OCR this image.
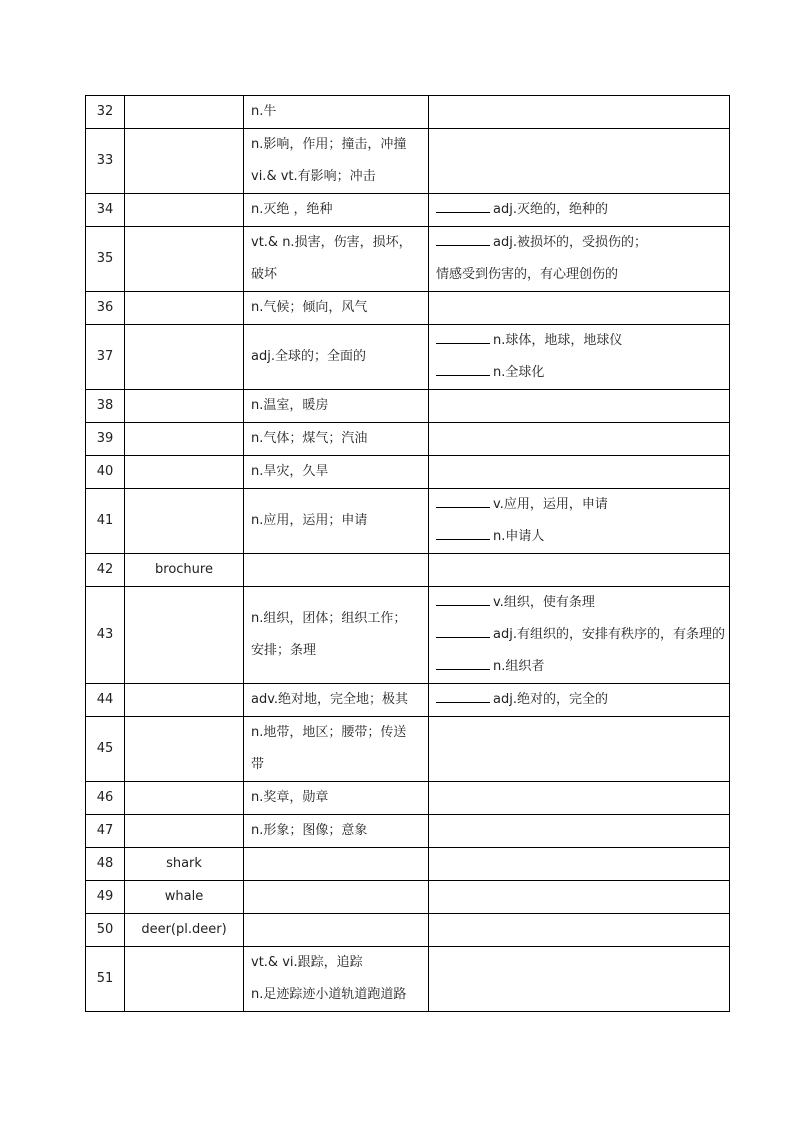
32		n.牛	

33		n.影响，作用；撞击，冲撞
vi.& vt.有影响；冲击	

34		n.灭绝 ，绝种	adj.灭绝的，绝种的

35		vt.& n.损害，伤害，损坏，
破坏	adj.被损坏的，受损伤的；
情感受到伤害的，有心理创伤的

36		n.气候；倾向，风气	

37		adj.全球的；全面的	n.球体，地球，地球仪
n.全球化

38		n.温室，暖房	

39		n.气体；煤气；汽油	

40		n.旱灾，久旱	

41		n.应用，运用；申请	v.应用，运用，申请
n.申请人

42	brochure		
43		n.组织，团体；组织工作；
安排；条理	v.组织，使有条理
adj.有组织的，安排有秩序的，有条理的
n.组织者

44		adv.绝对地，完全地；极其	adj.绝对的，完全的

45		n.地带，地区；腰带；传送
带	

46		n.奖章，勋章	

47		n.形象；图像；意象	

48	shark		
49	whale		
50	deer(pl.deer)		
51		vt.& vi.跟踪，追踪
n.足迹踪迹小道轨道跑道路	
